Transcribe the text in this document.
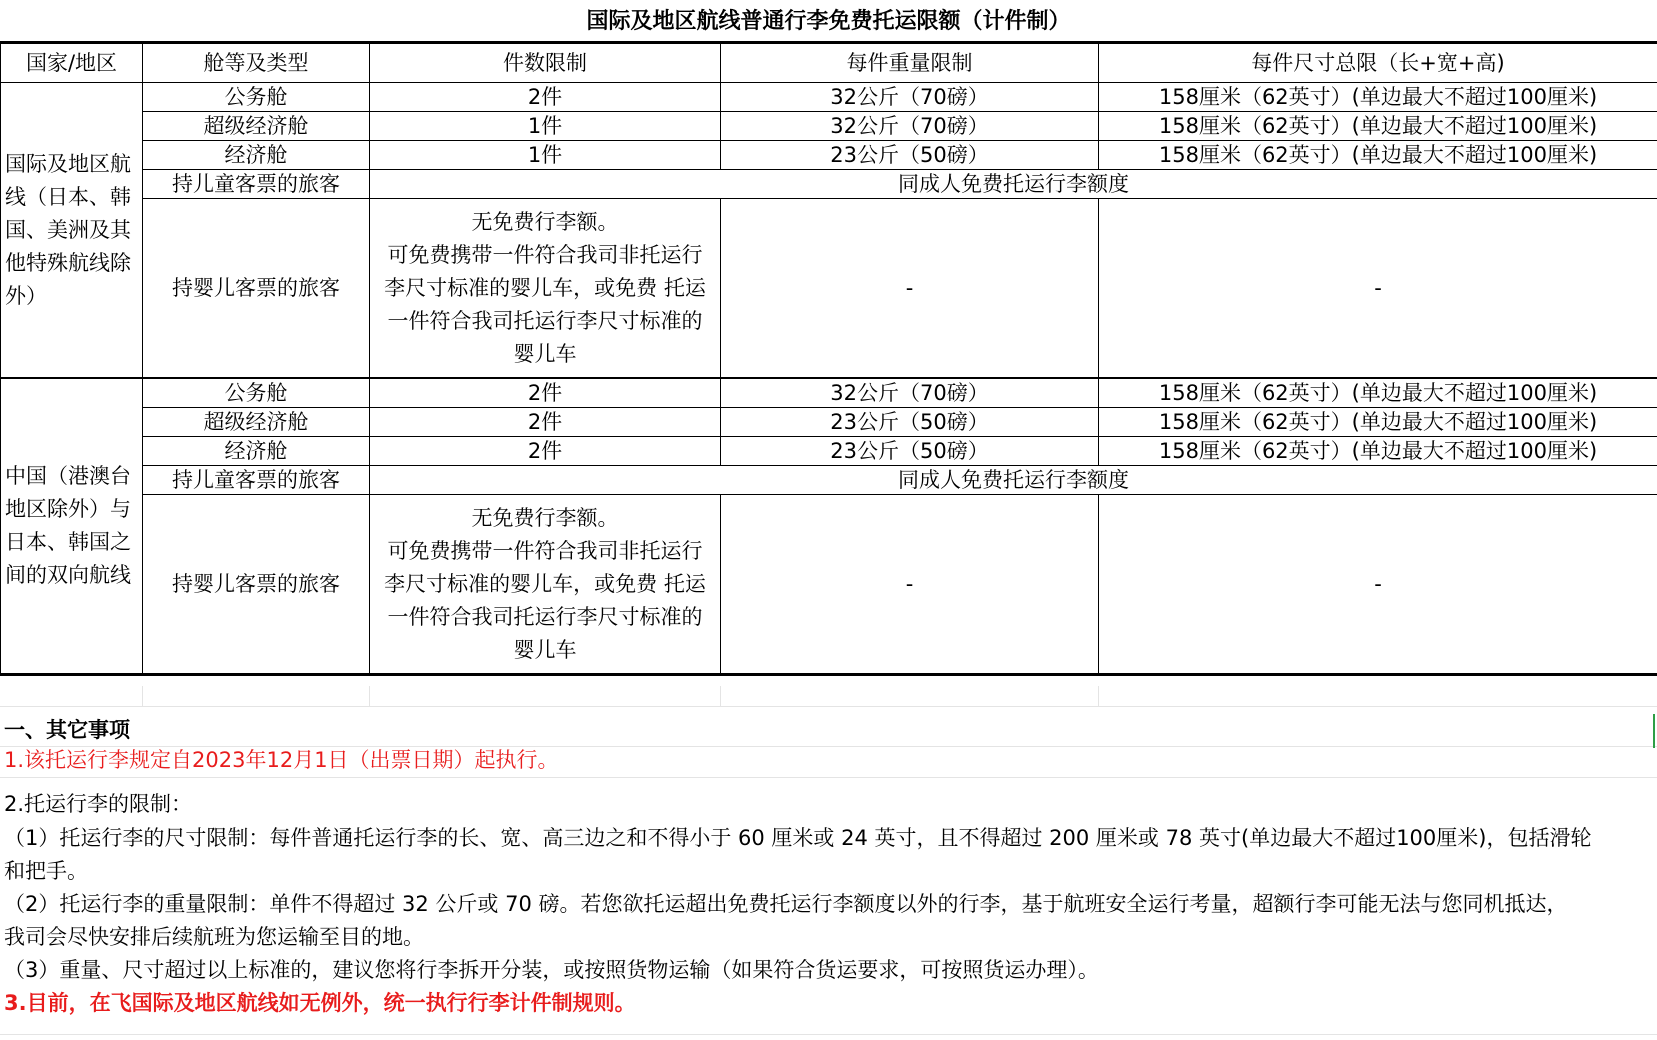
国际及地区航线普通行李免费托运限额（计件制）
国家/地区	舱等及类型	件数限制	每件重量限制	每件尺寸总限（长+宽+高)
国际及地区航线（日本、韩国、美洲及其他特殊航线除外）	公务舱	2件	32公斤（70磅）	158厘米（62英寸）(单边最大不超过100厘米)
	超级经济舱	1件	32公斤（70磅）	158厘米（62英寸）(单边最大不超过100厘米)
	经济舱	1件	23公斤（50磅）	158厘米（62英寸）(单边最大不超过100厘米)
	持儿童客票的旅客	同成人免费托运行李额度		
	持婴儿客票的旅客	无免费行李额。
可免费携带一件符合我司非托运行
李尺寸标准的婴儿车，或免费 托运
一件符合我司托运行李尺寸标准的
婴儿车	-	-
中国（港澳台地区除外）与日本、韩国之间的双向航线	公务舱	2件	32公斤（70磅）	158厘米（62英寸）(单边最大不超过100厘米)
	超级经济舱	2件	23公斤（50磅）	158厘米（62英寸）(单边最大不超过100厘米)
	经济舱	2件	23公斤（50磅）	158厘米（62英寸）(单边最大不超过100厘米)
	持儿童客票的旅客	同成人免费托运行李额度		
	持婴儿客票的旅客	无免费行李额。
可免费携带一件符合我司非托运行
李尺寸标准的婴儿车，或免费 托运
一件符合我司托运行李尺寸标准的
婴儿车	-	-
一、其它事项
1.该托运行李规定自2023年12月1日（出票日期）起执行。
2.托运行李的限制：
（1）托运行李的尺寸限制：每件普通托运行李的长、宽、高三边之和不得小于 60 厘米或 24 英寸，且不得超过 200 厘米或 78 英寸(单边最大不超过100厘米)，包括滑轮
和把手。
（2）托运行李的重量限制：单件不得超过 32 公斤或 70 磅。若您欲托运超出免费托运行李额度以外的行李，基于航班安全运行考量，超额行李可能无法与您同机抵达，
我司会尽快安排后续航班为您运输至目的地。
（3）重量、尺寸超过以上标准的，建议您将行李拆开分装，或按照货物运输（如果符合货运要求，可按照货运办理）。
3.目前，在飞国际及地区航线如无例外，统一执行行李计件制规则。
